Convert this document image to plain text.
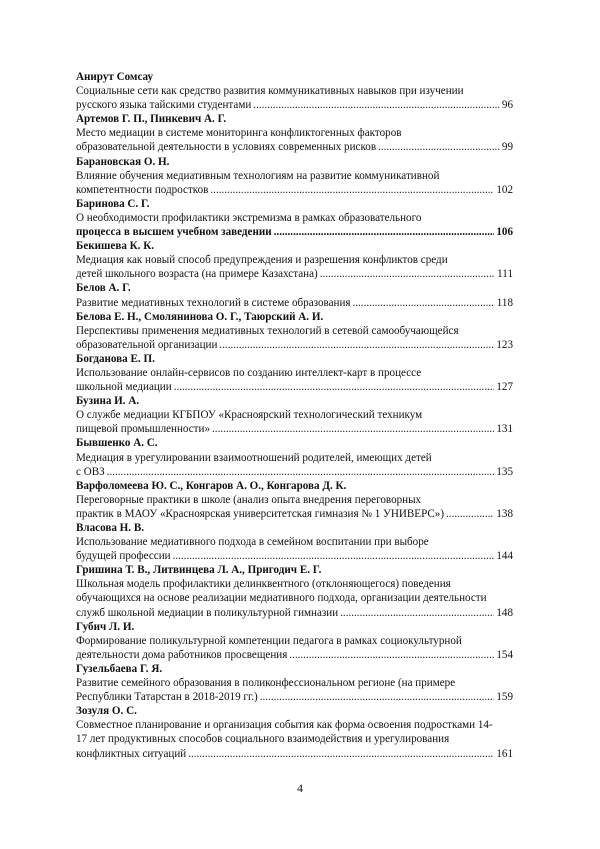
Анирут Сомсау
Социальные сети как средство развития коммуникативных навыков при изучении
русского языка тайскими студентами .....	96
Артемов Г. П., Пинкевич А. Г.
Место медиации в системе мониторинга конфликтогенных факторов
образовательной деятельности в условиях современных рисков .....	99
Барановская О. Н.
Влияние обучения медиативным технологиям на развитие коммуникативной
компетентности подростков .....	102
Баринова С. Г.
О необходимости профилактики экстремизма в рамках образовательного
процесса в высшем учебном заведении .....	106
Бекишева К. К.
Медиация как новый способ предупреждения и разрешения конфликтов среди
детей школьного возраста (на примере Казахстана) .....	111
Белов А. Г.
Развитие медиативных технологий в системе образования .....	118
Белова Е. Н., Смолянинова О. Г., Таюрский А. И.
Перспективы применения медиативных технологий в сетевой самообучающейся
образовательной организации .....	123
Богданова Е. П.
Использование онлайн-сервисов по созданию интеллект-карт в процессе
школьной медиации .....	127
Бузина И. А.
О службе медиации КГБПОУ «Красноярский технологический техникум
пищевой промышленности» .....	131
Бывшенко А. С.
Медиация в урегулировании взаимоотношений родителей, имеющих детей
с ОВЗ .....	135
Варфоломеева Ю. С., Конгаров А. О., Конгарова Д. К.
Переговорные практики в школе (анализ опыта внедрения переговорных
практик в МАОУ «Красноярская университетская гимназия № 1 УНИВЕРС») .....	138
Власова Н. В.
Использование медиативного подхода в семейном воспитании при выборе
будущей профессии .....	144
Гришина Т. В., Литвинцева Л. А., Пригодич Е. Г.
Школьная модель профилактики делинквентного (отклоняющегося) поведения
обучающихся на основе реализации медиативного подхода, организации деятельности
служб школьной медиации в поликультурной гимназии .....	148
Губич Л. И.
Формирование поликультурной компетенции педагога в рамках социокультурной
деятельности дома работников просвещения .....	154
Гузельбаева Г. Я.
Развитие семейного образования в поликонфессиональном регионе (на примере
Республики Татарстан в 2018-2019 гг.) .....	159
Зозуля О. С.
Совместное планирование и организация события как форма освоения подростками 14-
17 лет продуктивных способов социального взаимодействия и урегулирования
конфликтных ситуаций .....	161
4
